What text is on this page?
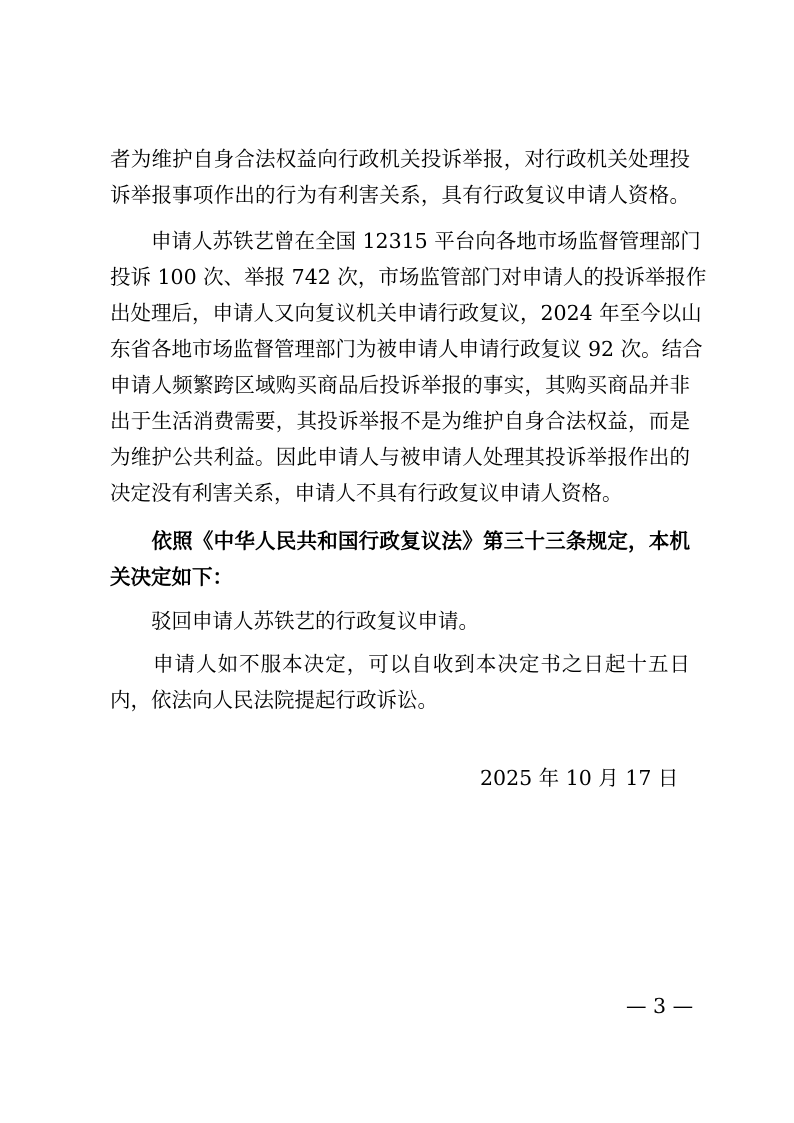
者为维护自身合法权益向行政机关投诉举报，对行政机关处理投
诉举报事项作出的行为有利害关系，具有行政复议申请人资格。
　　申请人苏铁艺曾在全国 12315 平台向各地市场监督管理部门
投诉 100 次、举报 742 次，市场监管部门对申请人的投诉举报作
出处理后，申请人又向复议机关申请行政复议，2024 年至今以山
东省各地市场监督管理部门为被申请人申请行政复议 92 次。结合
申请人频繁跨区域购买商品后投诉举报的事实，其购买商品并非
出于生活消费需要，其投诉举报不是为维护自身合法权益，而是
为维护公共利益。因此申请人与被申请人处理其投诉举报作出的
决定没有利害关系，申请人不具有行政复议申请人资格。
　　依照《中华人民共和国行政复议法》第三十三条规定，本机
关决定如下：
　　驳回申请人苏铁艺的行政复议申请。
　　申请人如不服本决定，可以自收到本决定书之日起十五日
内，依法向人民法院提起行政诉讼。
2025 年 10 月 17 日
— 3 —
